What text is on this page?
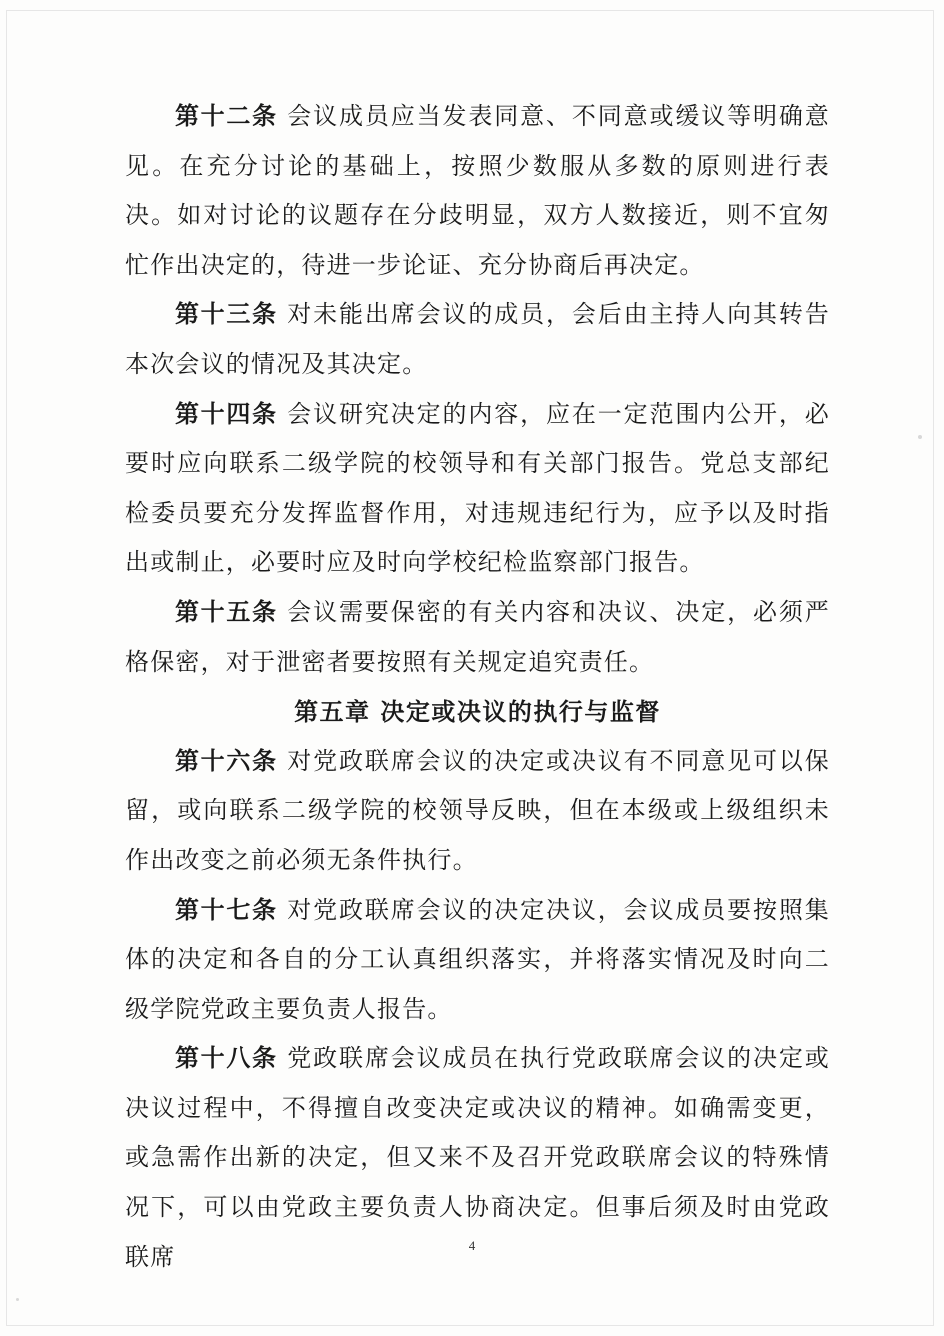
第十二条 会议成员应当发表同意、不同意或缓议等明确意见。在充分讨论的基础上，按照少数服从多数的原则进行表决。如对讨论的议题存在分歧明显，双方人数接近，则不宜匆忙作出决定的，待进一步论证、充分协商后再决定。

第十三条 对未能出席会议的成员，会后由主持人向其转告本次会议的情况及其决定。

第十四条 会议研究决定的内容，应在一定范围内公开，必要时应向联系二级学院的校领导和有关部门报告。党总支部纪检委员要充分发挥监督作用，对违规违纪行为，应予以及时指出或制止，必要时应及时向学校纪检监察部门报告。

第十五条 会议需要保密的有关内容和决议、决定，必须严格保密，对于泄密者要按照有关规定追究责任。

第五章 决定或决议的执行与监督

第十六条 对党政联席会议的决定或决议有不同意见可以保留，或向联系二级学院的校领导反映，但在本级或上级组织未作出改变之前必须无条件执行。

第十七条 对党政联席会议的决定决议，会议成员要按照集体的决定和各自的分工认真组织落实，并将落实情况及时向二级学院党政主要负责人报告。

第十八条 党政联席会议成员在执行党政联席会议的决定或决议过程中，不得擅自改变决定或决议的精神。如确需变更，或急需作出新的决定，但又来不及召开党政联席会议的特殊情况下，可以由党政主要负责人协商决定。但事后须及时由党政联席	4
